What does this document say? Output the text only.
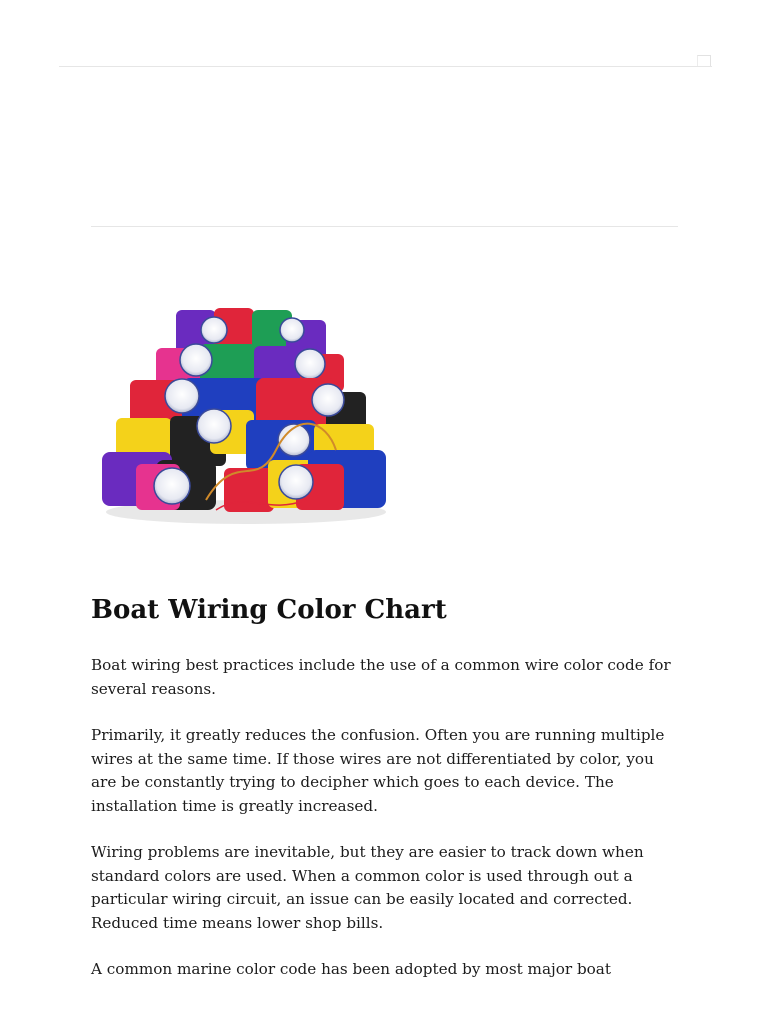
Boat Wiring Color Chart

Boat wiring best practices include the use of a common wire color code for several reasons.

Primarily, it greatly reduces the confusion. Often you are running multiple wires at the same time. If those wires are not differentiated by color, you are be constantly trying to decipher which goes to each device. The installation time is greatly increased.

Wiring problems are inevitable, but they are easier to track down when standard colors are used. When a common color is used through out a particular wiring circuit, an issue can be easily located and corrected. Reduced time means lower shop bills.

A common marine color code has been adopted by most major boat
